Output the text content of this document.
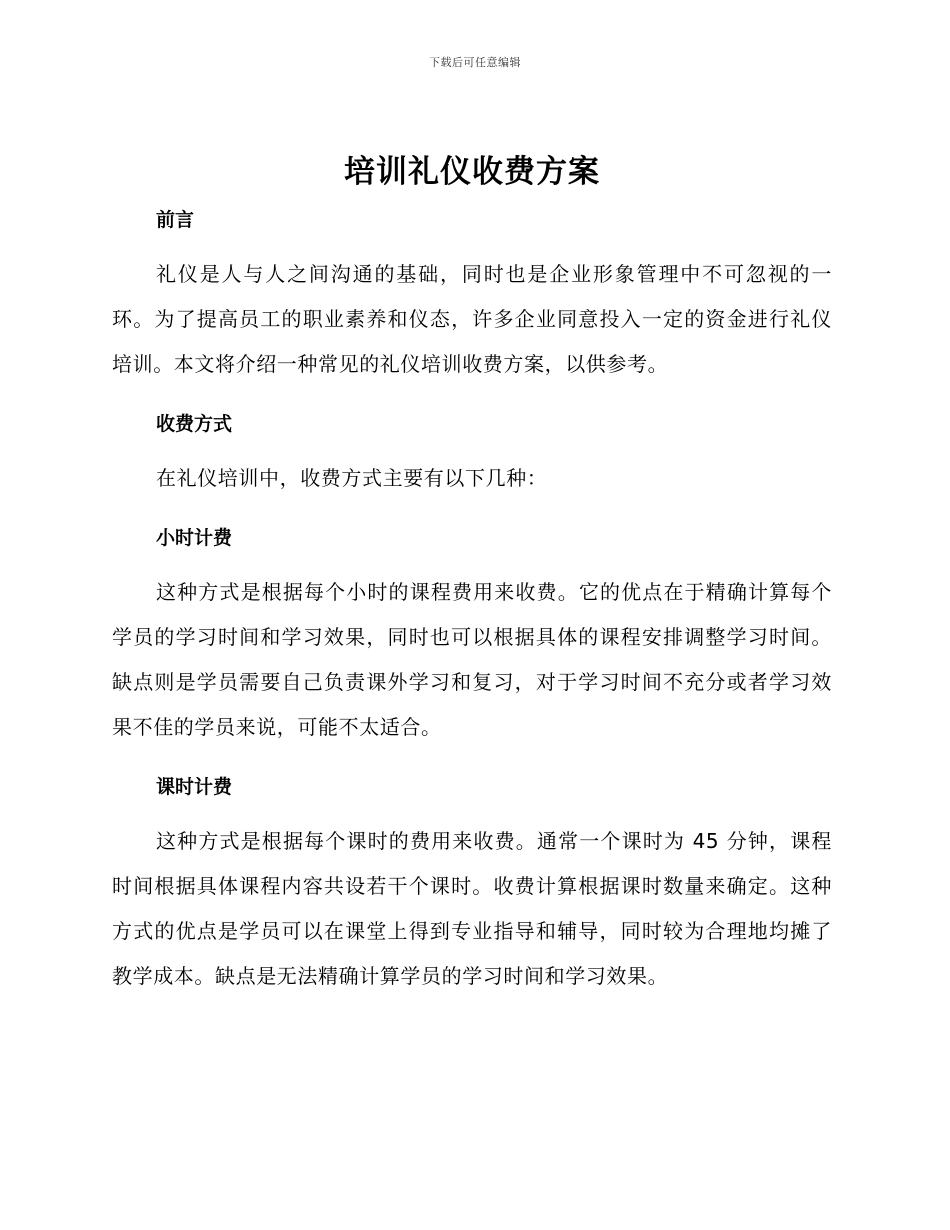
下载后可任意编辑
培训礼仪收费方案
前言

礼仪是人与人之间沟通的基础，同时也是企业形象管理中不可忽视的一环。为了提高员工的职业素养和仪态，许多企业同意投入一定的资金进行礼仪培训。本文将介绍一种常见的礼仪培训收费方案，以供参考。

收费方式

在礼仪培训中，收费方式主要有以下几种：

小时计费

这种方式是根据每个小时的课程费用来收费。它的优点在于精确计算每个学员的学习时间和学习效果，同时也可以根据具体的课程安排调整学习时间。缺点则是学员需要自己负责课外学习和复习，对于学习时间不充分或者学习效果不佳的学员来说，可能不太适合。

课时计费

这种方式是根据每个课时的费用来收费。通常一个课时为 45 分钟，课程时间根据具体课程内容共设若干个课时。收费计算根据课时数量来确定。这种方式的优点是学员可以在课堂上得到专业指导和辅导，同时较为合理地均摊了教学成本。缺点是无法精确计算学员的学习时间和学习效果。
